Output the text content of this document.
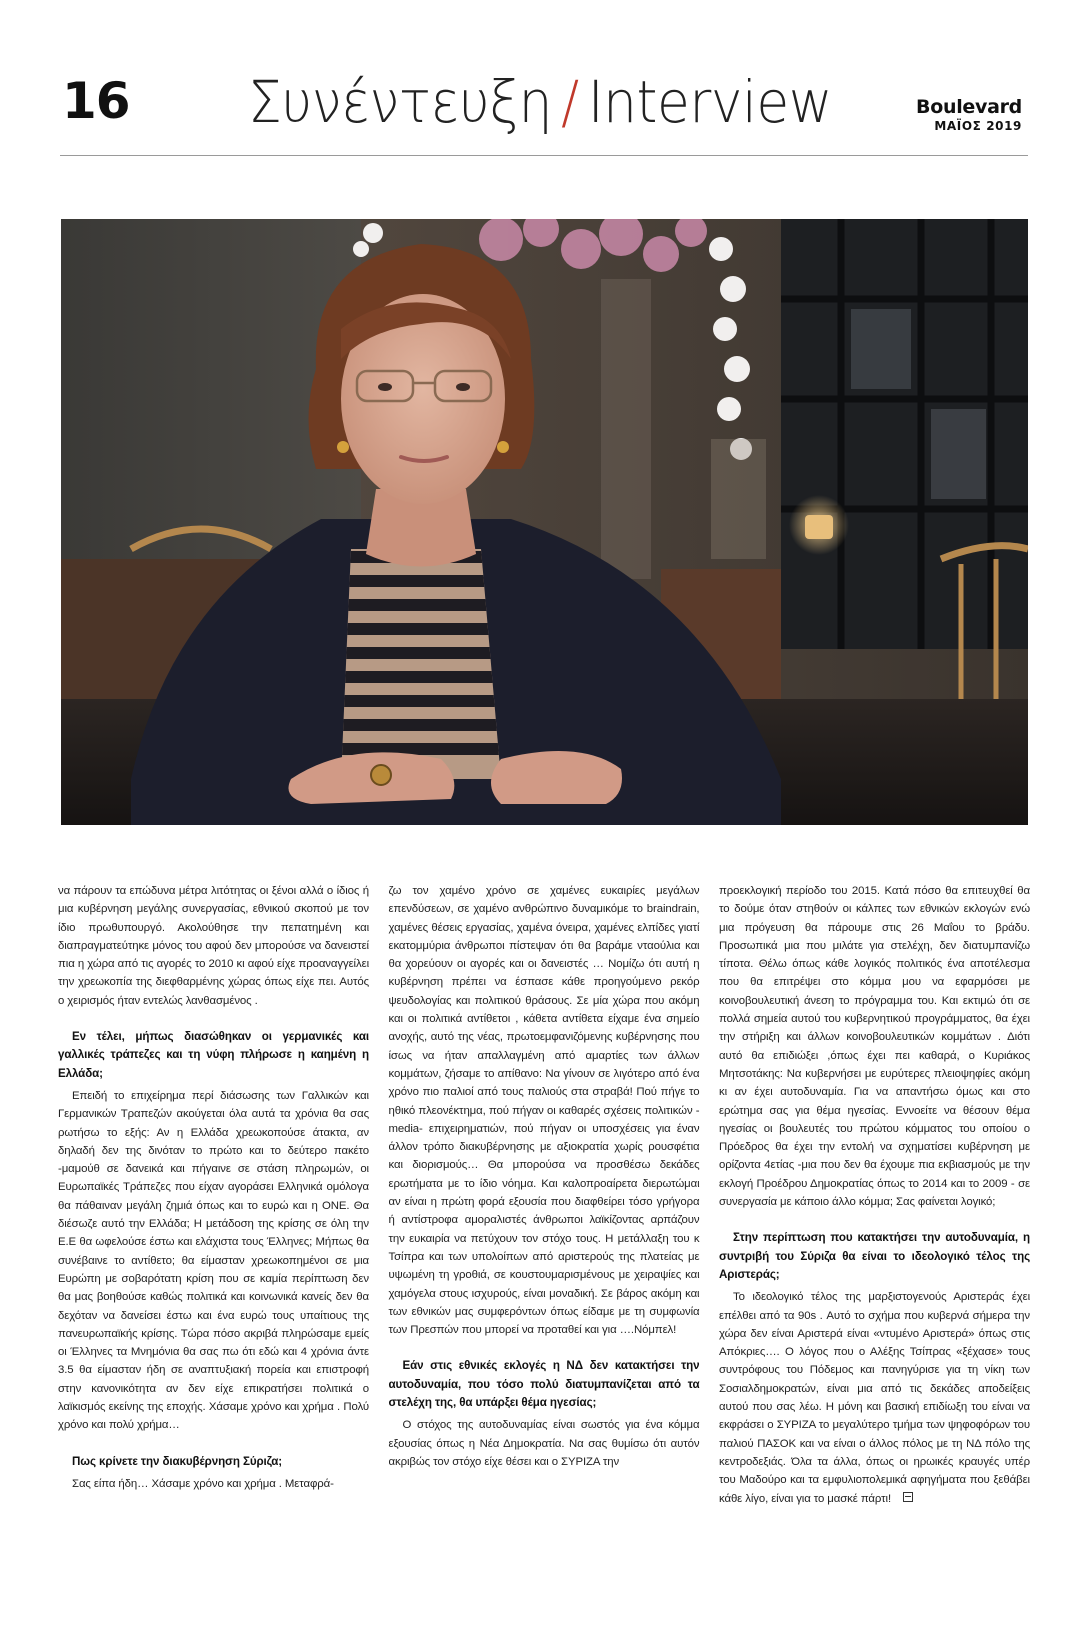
16	Συνέντευξη / Interview	Boulevard
ΜΑΪΟΣ 2019

να πάρουν τα επώδυνα μέτρα λιτότητας οι ξένοι αλλά ο ίδιος ή μια κυβέρνηση μεγάλης συνεργασίας, εθνικού σκοπού με τον ίδιο πρωθυπουργό. Ακολούθησε την πεπατημένη και διαπραγματεύτηκε μόνος του αφού δεν μπορούσε να δανειστεί πια η χώρα από τις αγορές το 2010 κι αφού είχε προαναγγείλει την χρεωκοπία της διεφθαρμένης χώρας όπως είχε πει. Αυτός ο χειρισμός ήταν εντελώς λανθασμένος .

Εν τέλει, μήπως διασώθηκαν οι γερμανικές και γαλλικές τράπεζες και τη νύφη πλήρωσε η καημένη η Ελλάδα;

Επειδή το επιχείρημα περί διάσωσης των Γαλλικών και Γερμανικών Τραπεζών ακούγεται όλα αυτά τα χρόνια θα σας ρωτήσω το εξής: Αν η Ελλάδα χρεωκοπούσε άτακτα, αν δηλαδή δεν της δινόταν το πρώτο και το δεύτερο πακέτο -μαμούθ σε δανεικά και πήγαινε σε στάση πληρωμών, οι Ευρωπαϊκές Τράπεζες που είχαν αγοράσει Ελληνικά ομόλογα θα πάθαιναν μεγάλη ζημιά όπως και το ευρώ και η ΟΝΕ. Θα διέσωζε αυτό την Ελλάδα; Η μετάδοση της κρίσης σε όλη την Ε.Ε θα ωφελούσε έστω και ελάχιστα τους Έλληνες; Μήπως θα συνέβαινε το αντίθετο; θα είμασταν χρεωκοπημένοι σε μια Ευρώπη με σοβαρότατη κρίση που σε καμία περίπτωση δεν θα μας βοηθούσε καθώς πολιτικά και κοινωνικά κανείς δεν θα δεχόταν να δανείσει έστω και ένα ευρώ τους υπαίτιους της πανευρωπαϊκής κρίσης. Τώρα πόσο ακριβά πληρώσαμε εμείς οι Έλληνες τα Μνημόνια θα σας πω ότι εδώ και 4 χρόνια άντε 3.5 θα είμασταν ήδη σε αναπτυξιακή πορεία και επιστροφή στην κανονικότητα αν δεν είχε επικρατήσει πολιτικά ο λαϊκισμός εκείνης της εποχής. Χάσαμε χρόνο και χρήμα . Πολύ χρόνο και πολύ χρήμα…

Πως κρίνετε την διακυβέρνηση Σύριζα;

Σας είπα ήδη… Χάσαμε χρόνο και χρήμα . Μεταφρά-

ζω τον χαμένο χρόνο σε χαμένες ευκαιρίες μεγάλων επενδύσεων, σε χαμένο ανθρώπινο δυναμικόμε το braindrain, χαμένες θέσεις εργασίας, χαμένα όνειρα, χαμένες ελπίδες γιατί εκατομμύρια άνθρωποι πίστεψαν ότι θα βαράμε νταούλια και θα χορεύουν οι αγορές και οι δανειστές … Νομίζω ότι αυτή η κυβέρνηση πρέπει να έσπασε κάθε προηγούμενο ρεκόρ ψευδολογίας και πολιτικού θράσους. Σε μία χώρα που ακόμη και οι πολιτικά αντίθετοι , κάθετα αντίθετα είχαμε ένα σημείο ανοχής, αυτό της νέας, πρωτοεμφανιζόμενης κυβέρνησης που ίσως να ήταν απαλλαγμένη από αμαρτίες των άλλων κομμάτων, ζήσαμε το απίθανο: Να γίνουν σε λιγότερο από ένα χρόνο πιο παλιοί από τους παλιούς στα στραβά! Πού πήγε το ηθικό πλεονέκτημα, πού πήγαν οι καθαρές σχέσεις πολιτικών -media- επιχειρηματιών, πού πήγαν οι υποσχέσεις για έναν άλλον τρόπο διακυβέρνησης με αξιοκρατία χωρίς ρουσφέτια και διορισμούς… Θα μπορούσα να προσθέσω δεκάδες ερωτήματα με το ίδιο νόημα. Και καλοπροαίρετα διερωτώμαι αν είναι η πρώτη φορά εξουσία που διαφθείρει τόσο γρήγορα ή αντίστροφα αμοραλιστές άνθρωποι λαϊκίζοντας αρπάζουν την ευκαιρία να πετύχουν τον στόχο τους. Η μετάλλαξη του κ Τσίπρα και των υπολοίπων από αριστερούς της πλατείας με υψωμένη τη γροθιά, σε κουστουμαρισμένους με χειραψίες και χαμόγελα στους ισχυρούς, είναι μοναδική. Σε βάρος ακόμη και των εθνικών μας συμφερόντων όπως είδαμε με τη συμφωνία των Πρεσπών που μπορεί να προταθεί και για ….Νόμπελ!

Εάν στις εθνικές εκλογές η ΝΔ δεν κατακτήσει την αυτοδυναμία, που τόσο πολύ διατυμπανίζεται από τα στελέχη της, θα υπάρξει θέμα ηγεσίας;

Ο στόχος της αυτοδυναμίας είναι σωστός για ένα κόμμα εξουσίας όπως η Νέα Δημοκρατία. Να σας θυμίσω ότι αυτόν ακριβώς τον στόχο είχε θέσει και ο ΣΥΡΙΖΑ την

προεκλογική περίοδο του 2015. Κατά πόσο θα επιτευχθεί θα το δούμε όταν στηθούν οι κάλπες των εθνικών εκλογών ενώ μια πρόγευση θα πάρουμε στις 26 Μαΐου το βράδυ. Προσωπικά μια που μιλάτε για στελέχη, δεν διατυμπανίζω τίποτα. Θέλω όπως κάθε λογικός πολιτικός ένα αποτέλεσμα που θα επιτρέψει στο κόμμα μου να εφαρμόσει με κοινοβουλευτική άνεση το πρόγραμμα του. Και εκτιμώ ότι σε πολλά σημεία αυτού του κυβερνητικού προγράμματος, θα έχει την στήριξη και άλλων κοινοβουλευτικών κομμάτων . Διότι αυτό θα επιδιώξει ,όπως έχει πει καθαρά, ο Κυριάκος Μητσοτάκης: Να κυβερνήσει με ευρύτερες πλειοψηφίες ακόμη κι αν έχει αυτοδυναμία. Για να απαντήσω όμως και στο ερώτημα σας για θέμα ηγεσίας. Εννοείτε να θέσουν θέμα ηγεσίας οι βουλευτές του πρώτου κόμματος του οποίου ο Πρόεδρος θα έχει την εντολή να σχηματίσει κυβέρνηση με ορίζοντα 4ετίας -μια που δεν θα έχουμε πια εκβιασμούς με την εκλογή Προέδρου Δημοκρατίας όπως το 2014 και το 2009 - σε συνεργασία με κάποιο άλλο κόμμα; Σας φαίνεται λογικό;

Στην περίπτωση που κατακτήσει την αυτοδυναμία, η συντριβή του Σύριζα θα είναι το ιδεολογικό τέλος της Αριστεράς;

Το ιδεολογικό τέλος της μαρξιστογενούς Αριστεράς έχει επέλθει από τα 90s . Αυτό το σχήμα που κυβερνά σήμερα την χώρα δεν είναι Αριστερά είναι «ντυμένο Αριστερά» όπως στις Απόκριες…. Ο λόγος που ο Αλέξης Τσίπρας «ξέχασε» τους συντρόφους του Πόδεμος και πανηγύρισε για τη νίκη των Σοσιαλδημοκρατών, είναι μια από τις δεκάδες αποδείξεις αυτού που σας λέω. Η μόνη και βασική επιδίωξη του είναι να εκφράσει ο ΣΥΡΙΖΑ το μεγαλύτερο τμήμα των ψηφοφόρων του παλιού ΠΑΣΟΚ και να είναι ο άλλος πόλος με τη ΝΔ πόλο της κεντροδεξιάς. Όλα τα άλλα, όπως οι ηρωικές κραυγές υπέρ του Μαδούρο και τα εμφυλιοπολεμικά αφηγήματα που ξεθάβει κάθε λίγο, είναι για το μασκέ πάρτι!
